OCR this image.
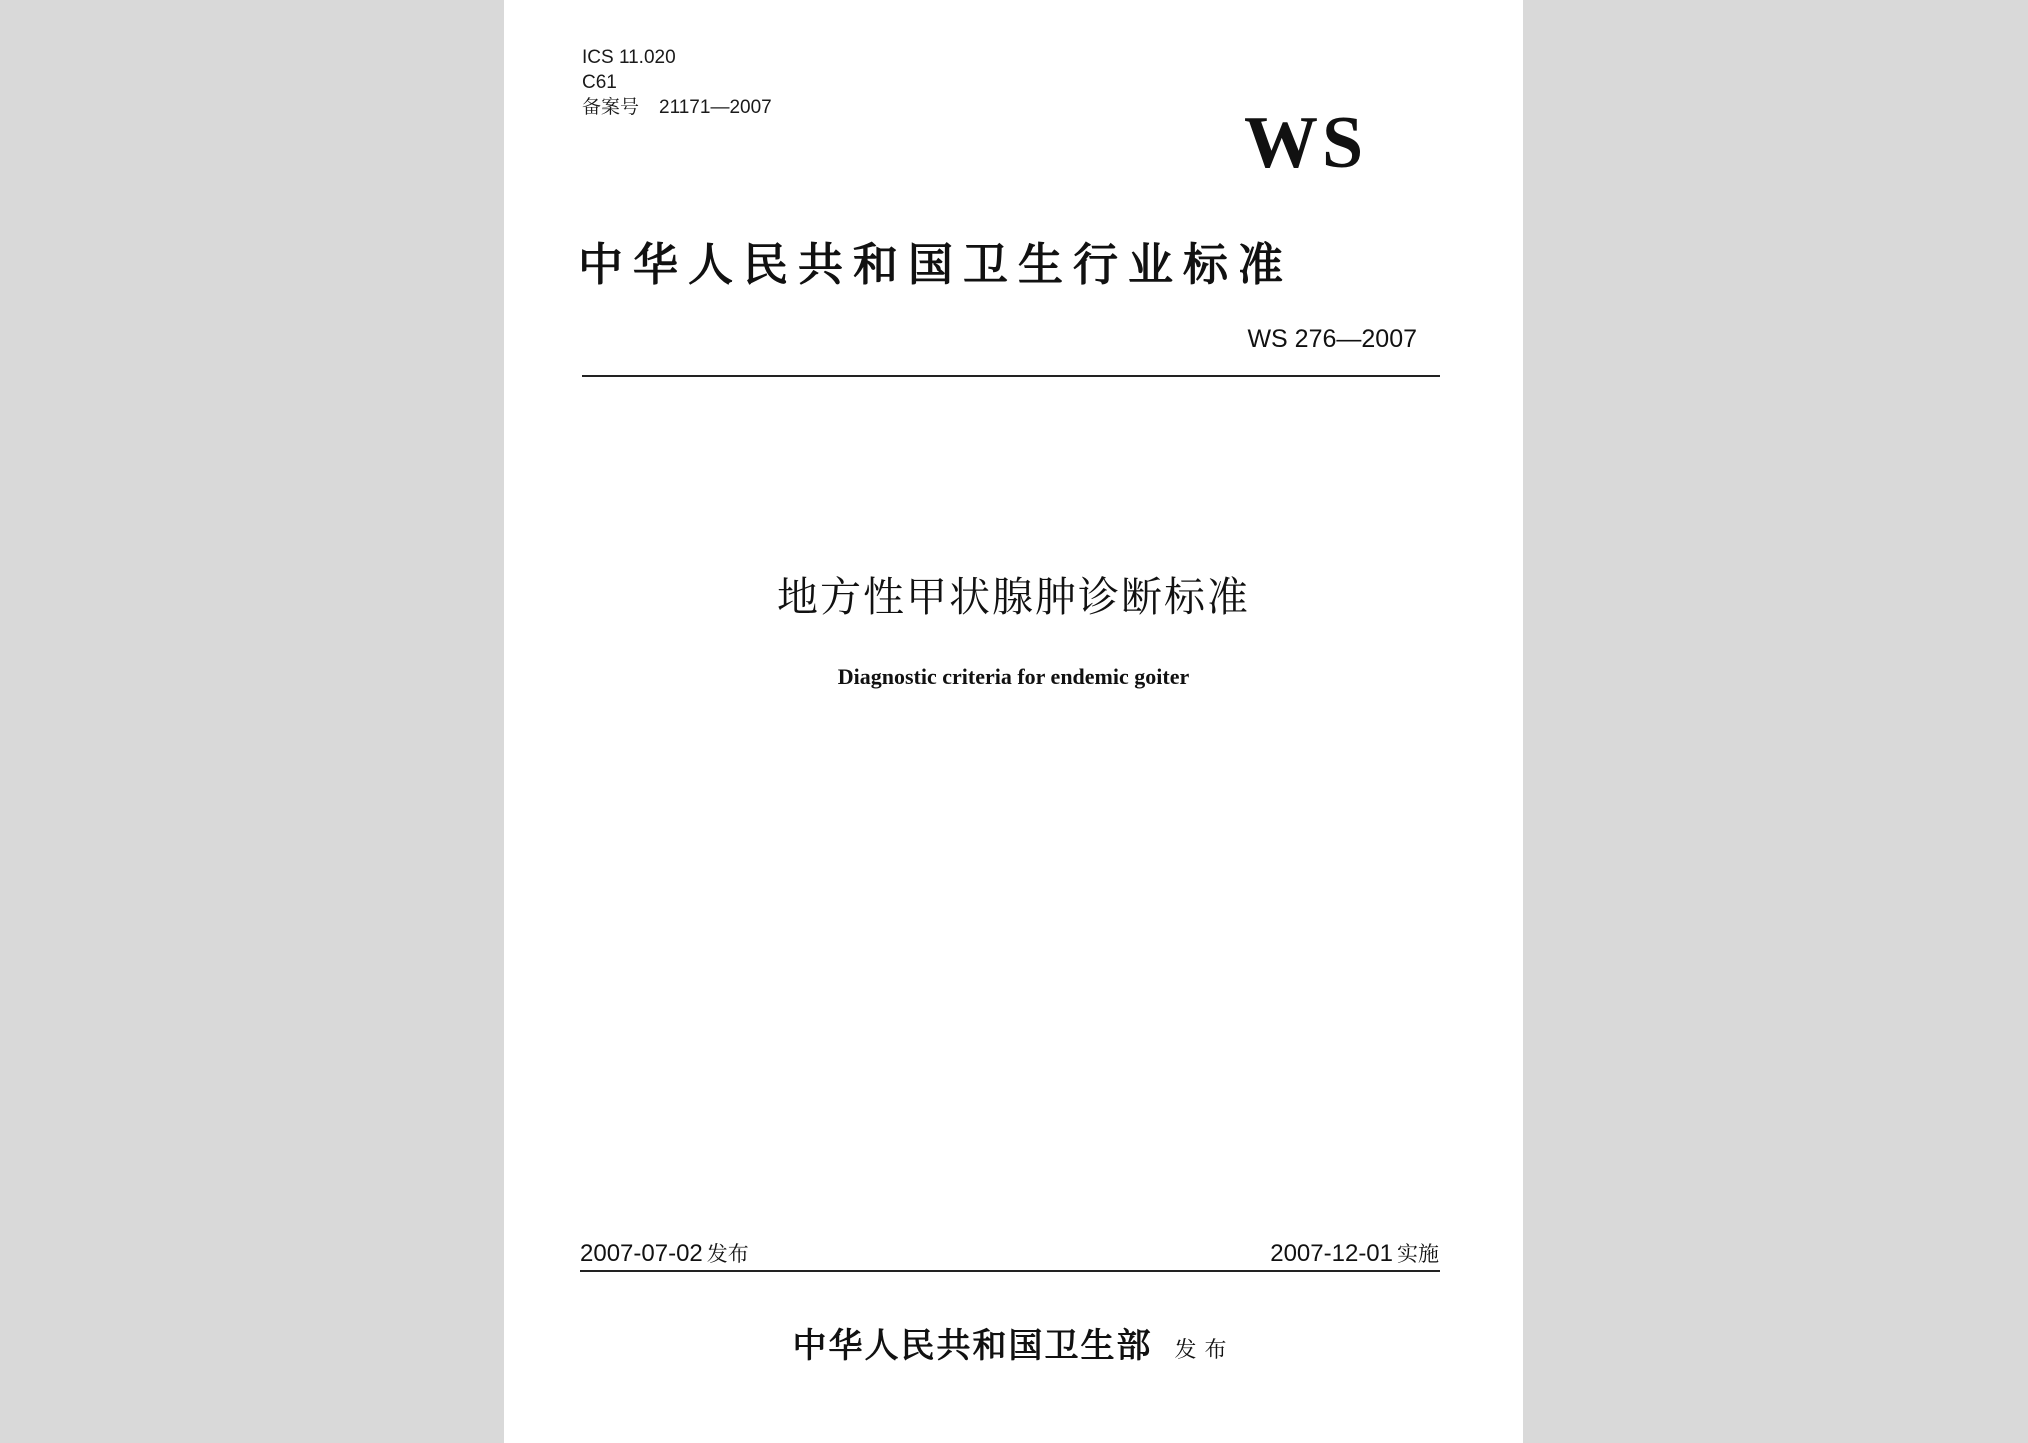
ICS 11.020
C61
备案号 21171—2007	WS
中华人民共和国卫生行业标准
WS 276—2007
地方性甲状腺肿诊断标准
Diagnostic criteria for endemic goiter
2007-07-02 发布	2007-12-01 实施
中华人民共和国卫生部 发布
